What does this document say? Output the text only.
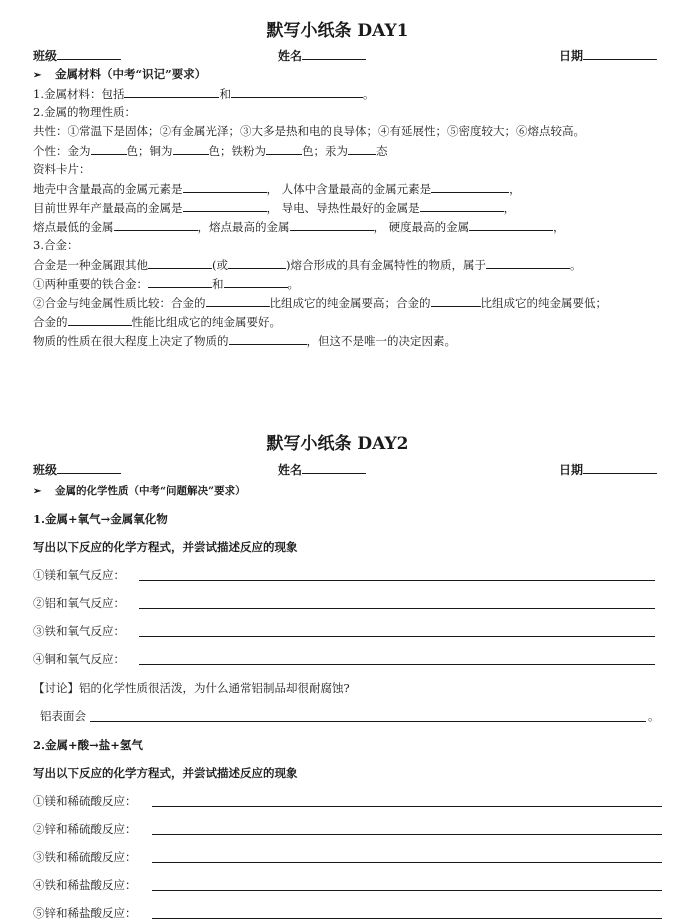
默写小纸条 DAY1
班级	姓名	日期
➢ 金属材料（中考“识记”要求）
1.金属材料：包括	和	。
2.金属的物理性质：
共性：①常温下是固体；②有金属光泽；③大多是热和电的良导体；④有延展性；⑤密度较大；⑥熔点较高。
个性：金为	色；铜为	色；铁粉为	色；汞为 态
资料卡片：
地壳中含量最高的金属元素是	， 人体中含量最高的金属元素是	，
目前世界年产量最高的金属是	， 导电、导热性最好的金属是	，
熔点最低的金属	，熔点最高的金属	， 硬度最高的金属	，
3.合金：
合金是一种金属跟其他	(或	)熔合形成的具有金属特性的物质，属于	。
①两种重要的铁合金：	和	。
②合金与纯金属性质比较：合金的	比组成它的纯金属要高；合金的	比组成它的纯金属要低；
合金的	性能比组成它的纯金属要好。
物质的性质在很大程度上决定了物质的	，但这不是唯一的决定因素。
默写小纸条 DAY2
班级	姓名	日期
➢ 金属的化学性质（中考“问题解决”要求）
1.金属+氧气→金属氧化物
写出以下反应的化学方程式，并尝试描述反应的现象
①镁和氧气反应：
②铝和氧气反应：
③铁和氧气反应：
④铜和氧气反应：
【讨论】铝的化学性质很活泼，为什么通常铝制品却很耐腐蚀?
铝表面会	。
2.金属+酸→盐+氢气
写出以下反应的化学方程式，并尝试描述反应的现象
①镁和稀硫酸反应：
②锌和稀硫酸反应：
③铁和稀硫酸反应：
④铁和稀盐酸反应：
⑤锌和稀盐酸反应：
